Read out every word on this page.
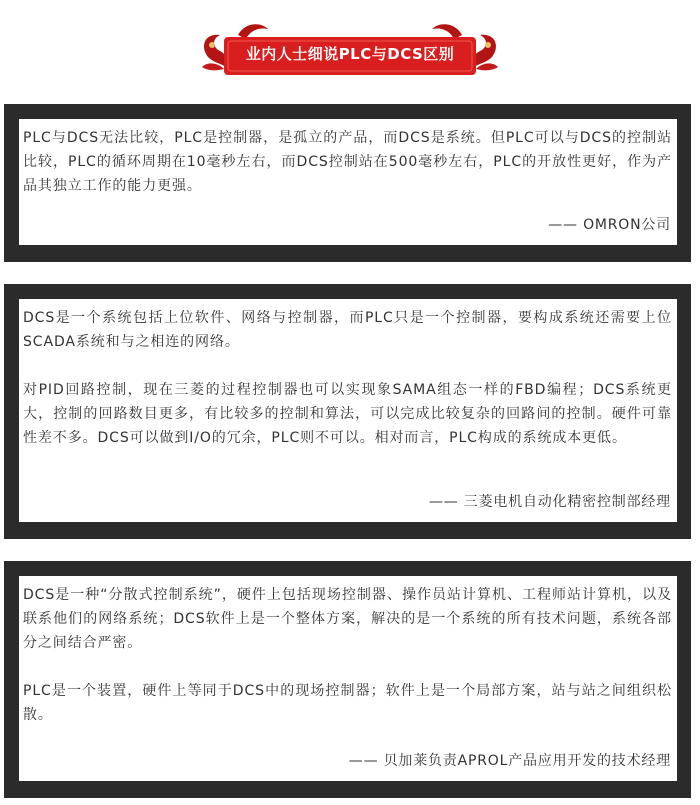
业内人士细说PLC与DCS区别

PLC与DCS无法比较，PLC是控制器，是孤立的产品，而DCS是系统。但PLC可以与DCS的控制站比较，PLC的循环周期在10毫秒左右，而DCS控制站在500毫秒左右，PLC的开放性更好，作为产品其独立工作的能力更强。

—— OMRON公司

DCS是一个系统包括上位软件、网络与控制器，而PLC只是一个控制器，要构成系统还需要上位SCADA系统和与之相连的网络。

对PID回路控制，现在三菱的过程控制器也可以实现象SAMA组态一样的FBD编程；DCS系统更大，控制的回路数目更多，有比较多的控制和算法，可以完成比较复杂的回路间的控制。硬件可靠性差不多。DCS可以做到I/O的冗余，PLC则不可以。相对而言，PLC构成的系统成本更低。

—— 三菱电机自动化精密控制部经理

DCS是一种“分散式控制系统”，硬件上包括现场控制器、操作员站计算机、工程师站计算机，以及联系他们的网络系统；DCS软件上是一个整体方案，解决的是一个系统的所有技术问题，系统各部分之间结合严密。

PLC是一个装置，硬件上等同于DCS中的现场控制器；软件上是一个局部方案，站与站之间组织松散。

—— 贝加莱负责APROL产品应用开发的技术经理
